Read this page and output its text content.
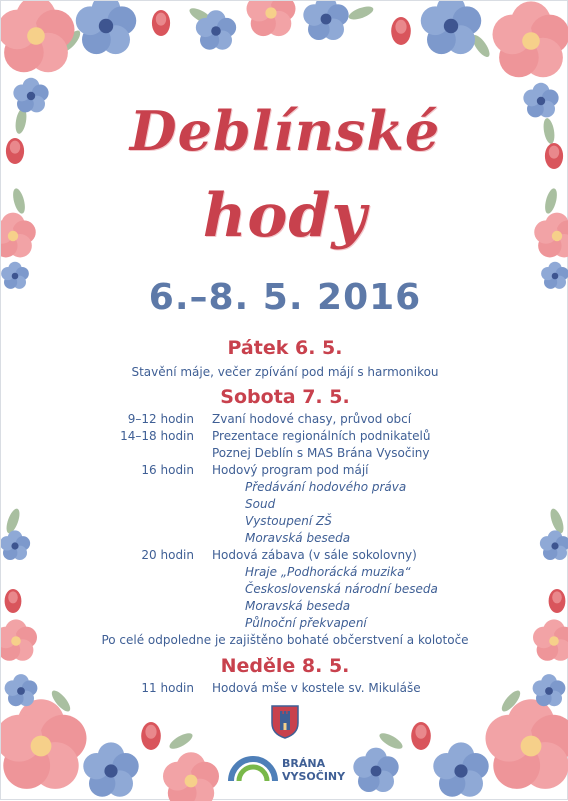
Deblínské
hody
6.–8. 5. 2016
Pátek 6. 5.
Stavění máje, večer zpívání pod májí s harmonikou
Sobota 7. 5.
9–12 hodin Zvaní hodové chasy, průvod obcí
14–18 hodin Prezentace regionálních podnikatelů
Poznej Deblín s MAS Brána Vysočiny
16 hodin Hodový program pod májí
Předávání hodového práva
Soud
Vystoupení ZŠ
Moravská beseda
20 hodin Hodová zábava (v sále sokolovny)
Hraje „Podhorácká muzika“
Československá národní beseda
Moravská beseda
Půlnoční překvapení
Po celé odpoledne je zajištěno bohaté občerstvení a kolotoče
Neděle 8. 5.
11 hodin Hodová mše v kostele sv. Mikuláše
BRÁNA
VYSOČINY
